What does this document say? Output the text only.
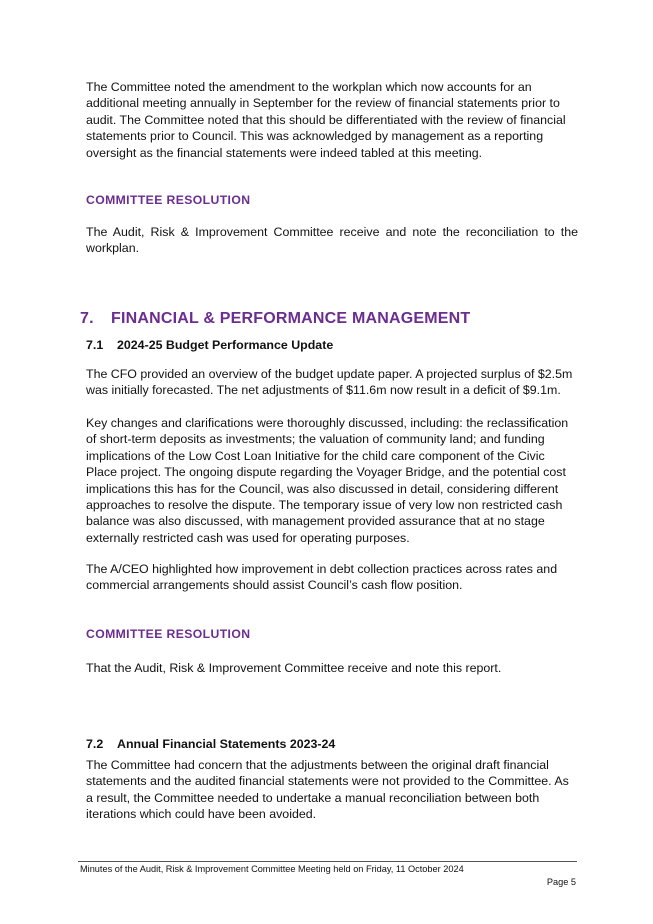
The Committee noted the amendment to the workplan which now accounts for an additional meeting annually in September for the review of financial statements prior to audit. The Committee noted that this should be differentiated with the review of financial statements prior to Council. This was acknowledged by management as a reporting oversight as the financial statements were indeed tabled at this meeting.

COMMITTEE RESOLUTION

The Audit, Risk & Improvement Committee receive and note the reconciliation to the workplan.

7.	FINANCIAL & PERFORMANCE MANAGEMENT
7.1	2024-25 Budget Performance Update

The CFO provided an overview of the budget update paper. A projected surplus of $2.5m was initially forecasted. The net adjustments of $11.6m now result in a deficit of $9.1m.

Key changes and clarifications were thoroughly discussed, including: the reclassification of short-term deposits as investments; the valuation of community land; and funding implications of the Low Cost Loan Initiative for the child care component of the Civic Place project. The ongoing dispute regarding the Voyager Bridge, and the potential cost implications this has for the Council, was also discussed in detail, considering different approaches to resolve the dispute. The temporary issue of very low non restricted cash balance was also discussed, with management provided assurance that at no stage externally restricted cash was used for operating purposes.

The A/CEO highlighted how improvement in debt collection practices across rates and commercial arrangements should assist Council’s cash flow position.

COMMITTEE RESOLUTION

That the Audit, Risk & Improvement Committee receive and note this report.

7.2	Annual Financial Statements 2023-24

The Committee had concern that the adjustments between the original draft financial statements and the audited financial statements were not provided to the Committee. As a result, the Committee needed to undertake a manual reconciliation between both iterations which could have been avoided.

Minutes of the Audit, Risk & Improvement Committee Meeting held on Friday, 11 October 2024

Page 5
